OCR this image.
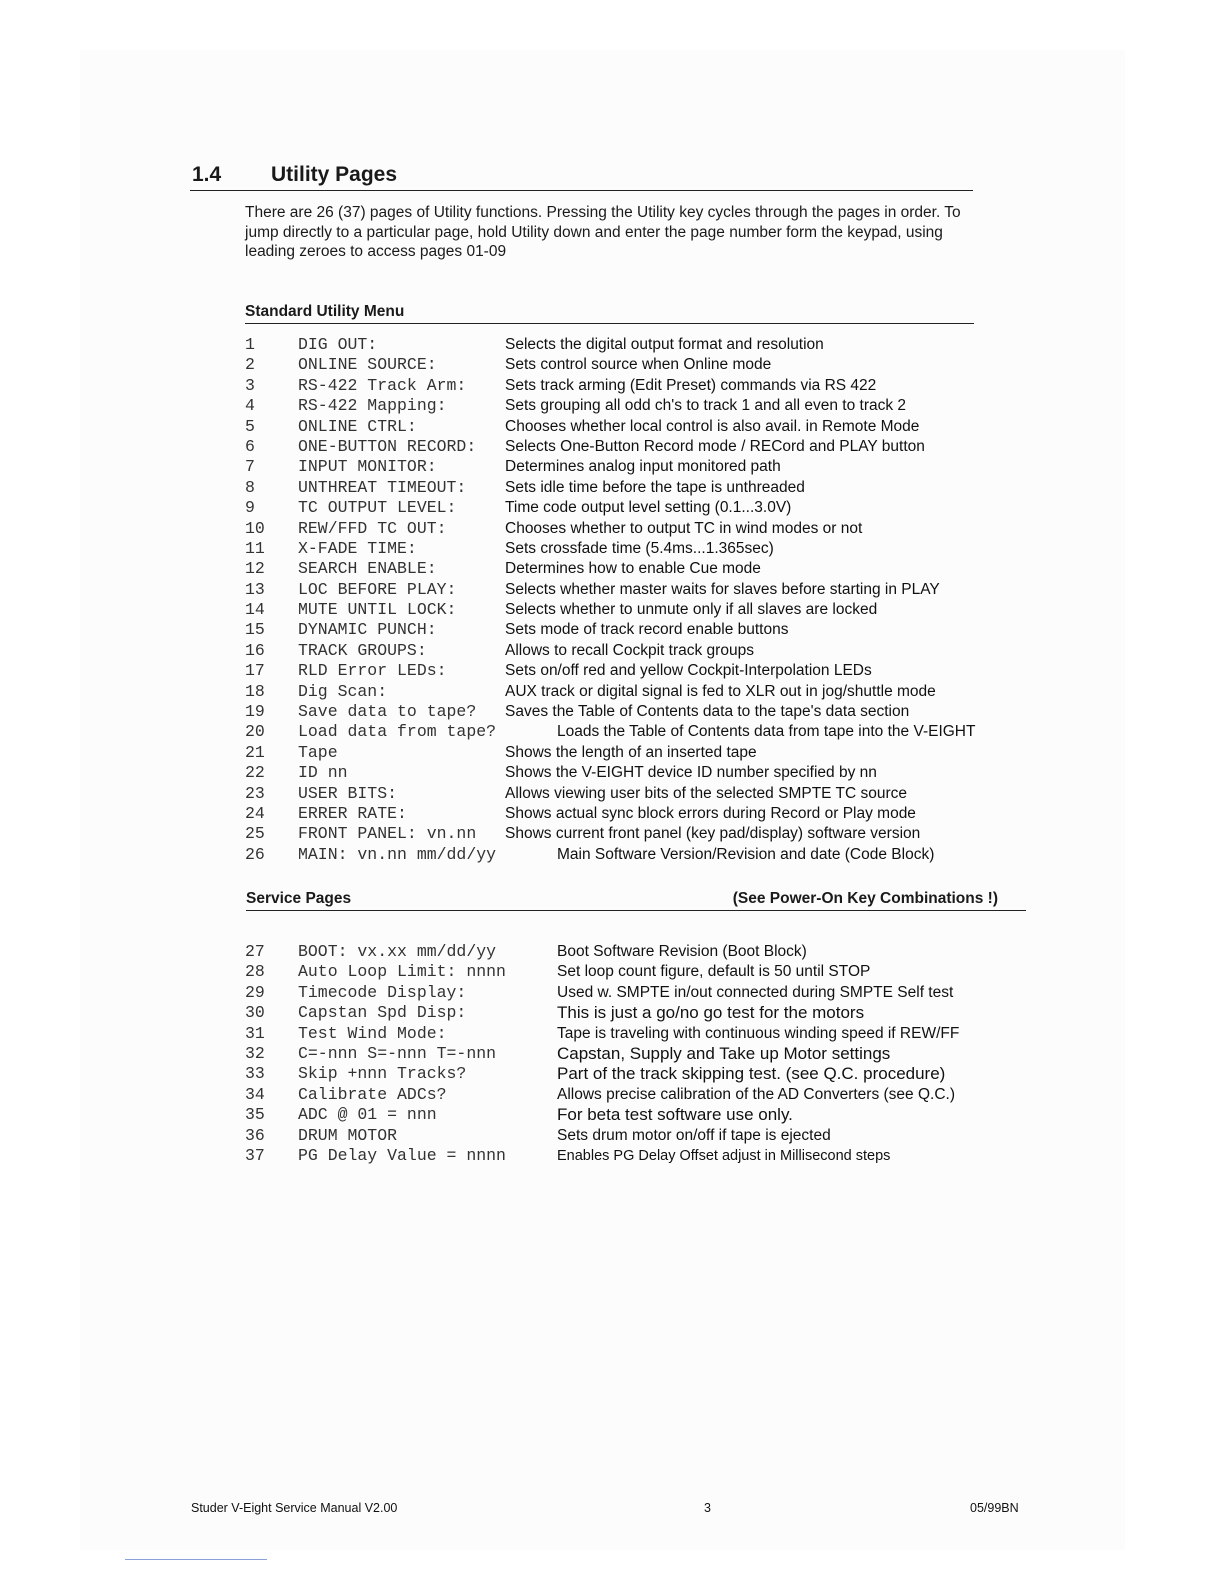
1.4 Utility Pages
There are 26 (37) pages of Utility functions. Pressing the Utility key cycles through the pages in order. To jump directly to a particular page, hold Utility down and enter the page number form the keypad, using leading zeroes to access pages 01-09
Standard Utility Menu
1	DIG OUT:	Selects the digital output format and resolution
2	ONLINE SOURCE:	Sets control source when Online mode
3	RS-422 Track Arm: Sets track arming (Edit Preset) commands via RS 422
4	RS-422 Mapping:	Sets grouping all odd ch's to track 1 and all even to track 2
5	ONLINE CTRL:	Chooses whether local control is also avail. in Remote Mode
6	ONE-BUTTON RECORD: Selects One-Button Record mode / RECord and PLAY button
7	INPUT MONITOR:	Determines analog input monitored path
8	UNTHREAT TIMEOUT: Sets idle time before the tape is unthreaded
9	TC OUTPUT LEVEL:	Time code output level setting (0.1...3.0V)
10 REW/FFD TC OUT:	Chooses whether to output TC in wind modes or not
11 X-FADE TIME:	Sets crossfade time (5.4ms...1.365sec)
12 SEARCH ENABLE:	Determines how to enable Cue mode
13 LOC BEFORE PLAY:	Selects whether master waits for slaves before starting in PLAY
14 MUTE UNTIL LOCK:	Selects whether to unmute only if all slaves are locked
15 DYNAMIC PUNCH:	Sets mode of track record enable buttons
16 TRACK GROUPS:	Allows to recall Cockpit track groups
17 RLD Error LEDs:	Sets on/off red and yellow Cockpit-Interpolation LEDs
18 Dig Scan:	AUX track or digital signal is fed to XLR out in jog/shuttle mode
19 Save data to tape? Saves the Table of Contents data to the tape's data section
20 Load data from tape?	Loads the Table of Contents data from tape into the V-EIGHT
21 Tape	Shows the length of an inserted tape
22 ID nn	Shows the V-EIGHT device ID number specified by nn
23 USER BITS:	Allows viewing user bits of the selected SMPTE TC source
24 ERRER RATE:	Shows actual sync block errors during Record or Play mode
25 FRONT PANEL: vn.nn Shows current front panel (key pad/display) software version
26 MAIN: vn.nn mm/dd/yy	Main Software Version/Revision and date (Code Block)
Service Pages	(See Power-On Key Combinations !)
27 BOOT: vx.xx mm/dd/yy	Boot Software Revision (Boot Block)
28 Auto Loop Limit: nnnn	Set loop count figure, default is 50 until STOP
29 Timecode Display:	Used w. SMPTE in/out connected during SMPTE Self test
30 Capstan Spd Disp:	This is just a go/no go test for the motors
31 Test Wind Mode:	Tape is traveling with continuous winding speed if REW/FF
32 C=-nnn S=-nnn T=-nnn	Capstan, Supply and Take up Motor settings
33 Skip +nnn Tracks?	Part of the track skipping test. (see Q.C. procedure)
34 Calibrate ADCs?	Allows precise calibration of the AD Converters (see Q.C.)
35 ADC @ 01 = nnn	For beta test software use only.
36 DRUM MOTOR	Sets drum motor on/off if tape is ejected
37 PG Delay Value = nnnn	Enables PG Delay Offset adjust in Millisecond steps
Studer V-Eight Service Manual V2.00	3	05/99BN
